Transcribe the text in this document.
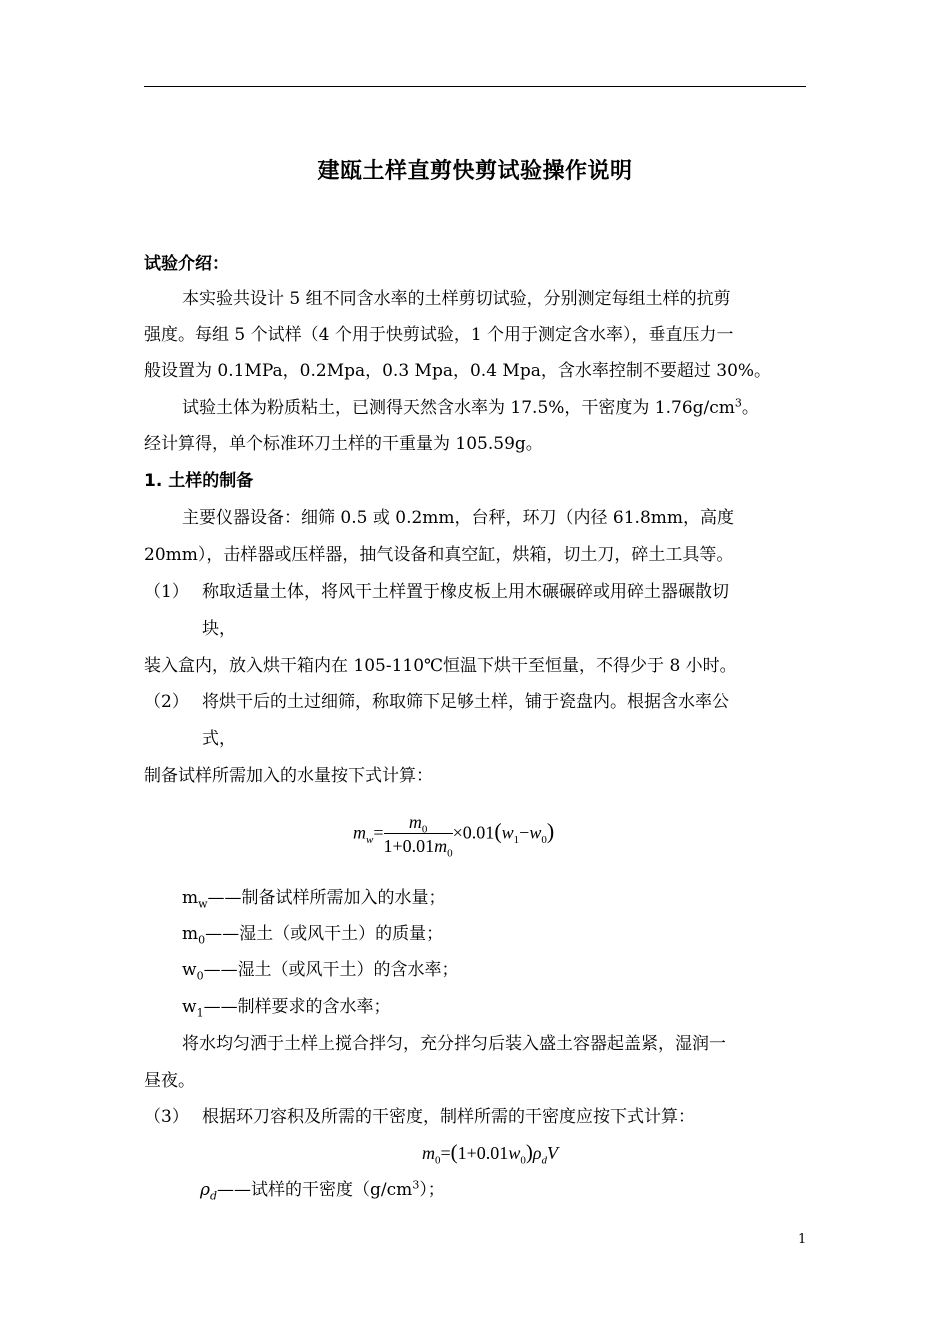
建瓯土样直剪快剪试验操作说明
试验介绍：
本实验共设计 5 组不同含水率的土样剪切试验，分别测定每组土样的抗剪
强度。每组 5 个试样（4 个用于快剪试验，1 个用于测定含水率），垂直压力一
般设置为 0.1MPa，0.2Mpa，0.3 Mpa，0.4 Mpa，含水率控制不要超过 30%。
试验土体为粉质粘土，已测得天然含水率为 17.5%，干密度为 $1.76g/cm^3$。
经计算得，单个标准环刀土样的干重量为 105.59g。
1. 土样的制备
主要仪器设备：细筛 0.5 或 0.2mm，台秤，环刀（内径 61.8mm，高度
20mm），击样器或压样器，抽气设备和真空缸，烘箱，切土刀，碎土工具等。
（1） 称取适量土体，将风干土样置于橡皮板上用木碾碾碎或用碎土器碾散切
块，
装入盒内，放入烘干箱内在 105-110℃恒温下烘干至恒量，不得少于 8 小时。
（2） 将烘干后的土过细筛，称取筛下足够土样，铺于瓷盘内。根据含水率公
式，
制备试样所需加入的水量按下式计算：
$m_w= \frac{m_0}{1+0.01m_0} \times 0.01(w_1-w_0)$
$m_w——$制备试样所需加入的水量；
$m_0——$湿土（或风干土）的质量；
$w_0——$湿土（或风干土）的含水率；
$w_1——$制样要求的含水率；
将水均匀洒于土样上搅合拌匀，充分拌匀后装入盛土容器起盖紧，湿润一
昼夜。
（3） 根据环刀容积及所需的干密度，制样所需的干密度应按下式计算：
$m_0=(1+0.01w_0)\rho_dV$
$\rho_d——$试样的干密度$(g/cm^3)$；
1
